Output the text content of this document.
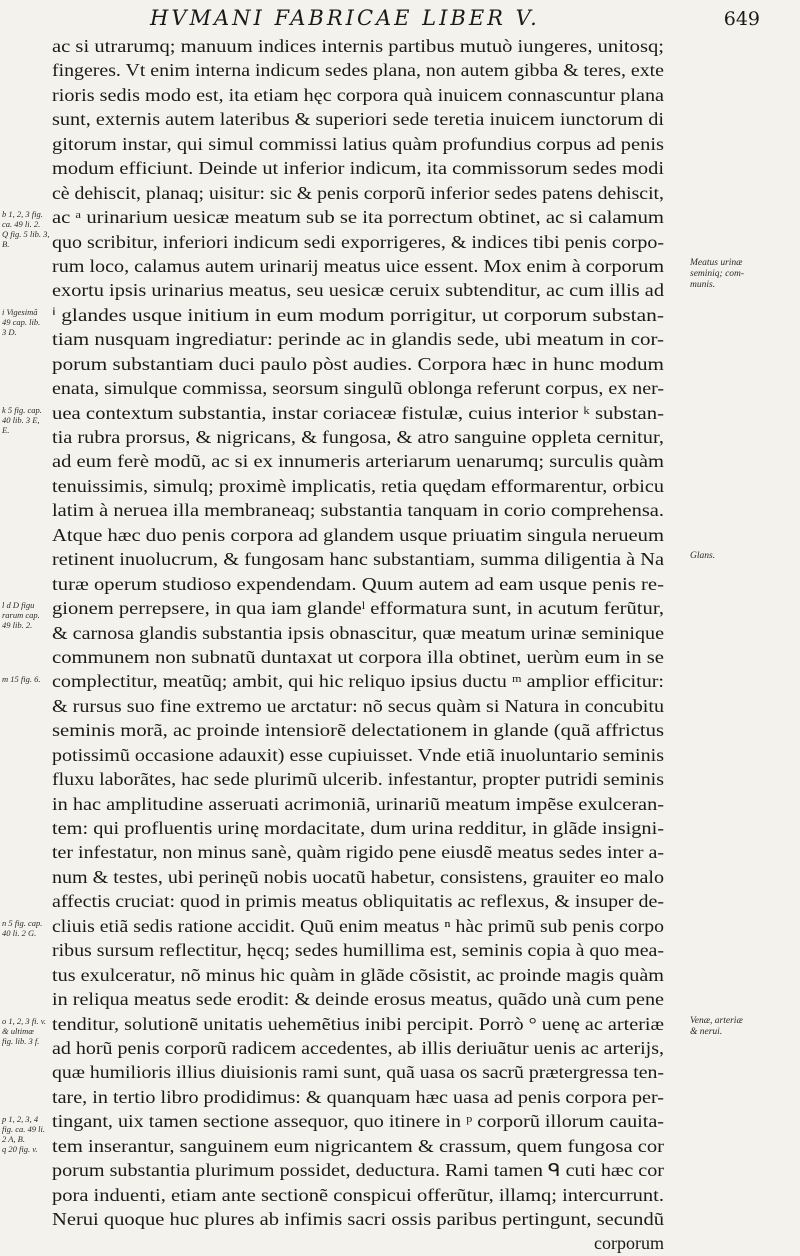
HVMANI FABRICAE LIBER V.	649
ac si utrarumq; manuum indices internis partibus mutuò iungeres, unitosq;
fingeres. Vt enim interna indicum sedes plana, non autem gibba & teres, exte
rioris sedis modo est, ita etiam hęc corpora quà inuicem connascuntur plana
sunt, externis autem lateribus & superiori sede teretia inuicem iunctorum di
gitorum instar, qui simul commissi latius quàm profundius corpus ad penis
modum efficiunt. Deinde ut inferior indicum, ita commissorum sedes modi
cè dehiscit, planaq; uisitur: sic & penis corporũ inferior sedes patens dehiscit,
ac ᵃ urinarium uesicæ meatum sub se ita porrectum obtinet, ac si calamum
quo scribitur, inferiori indicum sedi exporrigeres, & indices tibi penis corpo-
rum loco, calamus autem urinarij meatus uice essent. Mox enim à corporum
exortu ipsis urinarius meatus, seu uesicæ ceruix subtenditur, ac cum illis ad
ⁱ glandes usque initium in eum modum porrigitur, ut corporum substan-
tiam nusquam ingrediatur: perinde ac in glandis sede, ubi meatum in cor-
porum substantiam duci paulo pòst audies. Corpora hæc in hunc modum
enata, simulque commissa, seorsum singulũ oblonga referunt corpus, ex ner-
uea contextum substantia, instar coriaceæ fistulæ, cuius interior ᵏ substan-
tia rubra prorsus, & nigricans, & fungosa, & atro sanguine oppleta cernitur,
ad eum ferè modũ, ac si ex innumeris arteriarum uenarumq; surculis quàm
tenuissimis, simulq; proximè implicatis, retia quędam efformarentur, orbicu
latim à neruea illa membraneaq; substantia tanquam in corio comprehensa.
Atque hæc duo penis corpora ad glandem usque priuatim singula nerueum
retinent inuolucrum, & fungosam hanc substantiam, summa diligentia à Na
turæ operum studioso expendendam. Quum autem ad eam usque penis re-
gionem perrepsere, in qua iam glandeˡ efformatura sunt, in acutum ferũtur,
& carnosa glandis substantia ipsis obnascitur, quæ meatum urinæ seminique
communem non subnatũ duntaxat ut corpora illa obtinet, uerùm eum in se
complectitur, meatũq; ambit, qui hic reliquo ipsius ductu ᵐ amplior efficitur:
& rursus suo fine extremo ue arctatur: nõ secus quàm si Natura in concubitu
seminis morã, ac proinde intensiorẽ delectationem in glande (quã affrictus
potissimũ occasione adauxit) esse cupiuisset. Vnde etiã inuoluntario seminis
fluxu laborãtes, hac sede plurimũ ulcerib. infestantur, propter putridi seminis
in hac amplitudine asseruati acrimoniã, urinariũ meatum impẽse exulceran-
tem: qui profluentis urinę mordacitate, dum urina redditur, in glãde insigni-
ter infestatur, non minus sanè, quàm rigido pene eiusdẽ meatus sedes inter a-
num & testes, ubi perinęũ nobis uocatũ habetur, consistens, grauiter eo malo
affectis cruciat: quod in primis meatus obliquitatis ac reflexus, & insuper de-
cliuis etiã sedis ratione accidit. Quũ enim meatus ⁿ hàc primũ sub penis corpo
ribus sursum reflectitur, hęcq; sedes humillima est, seminis copia à quo mea-
tus exulceratur, nõ minus hic quàm in glãde cõsistit, ac proinde magis quàm
in reliqua meatus sede erodit: & deinde erosus meatus, quãdo unà cum pene
tenditur, solutionẽ unitatis uehemẽtius inibi percipit. Porrò ° uenę ac arteriæ
ad horũ penis corporũ radicem accedentes, ab illis deriuãtur uenis ac arterijs,
quæ humilioris illius diuisionis rami sunt, quã uasa os sacrũ prætergressa ten-
tare, in tertio libro prodidimus: & quanquam hæc uasa ad penis corpora per-
tingant, uix tamen sectione assequor, quo itinere in ᵖ corporũ illorum cauita-
tem inserantur, sanguinem eum nigricantem & crassum, quem fungosa cor
porum substantia plurimum possidet, deductura. Rami tamen ᑫ cuti hæc cor
pora induenti, etiam ante sectionẽ conspicui offerũtur, illamq; intercurrunt.
Nerui quoque huc plures ab infimis sacri ossis paribus pertingunt, secundũ
corporum
b 1, 2, 3 fig.
ca. 49 li. 2.
Q fig. 5 lib. 3, B.
i Vigesimã
49 cap. lib.
3 D.
k 5 fig. cap.
40 lib. 3 E,
E.
l d D figu
rarum cap.
49 lib. 2.
m 15 fig. 6.
n 5 fig. cap.
40 li. 2 G.
o 1, 2, 3 fi. v.
& ultimæ
fig. lib. 3 f.
p 1, 2, 3, 4
fig. ca. 49 li.
2 A, B.
q 20 fig. v.
Meatus urinæ
seminiq; com-
munis.
Glans.
Venæ, arteriæ
& nerui.
